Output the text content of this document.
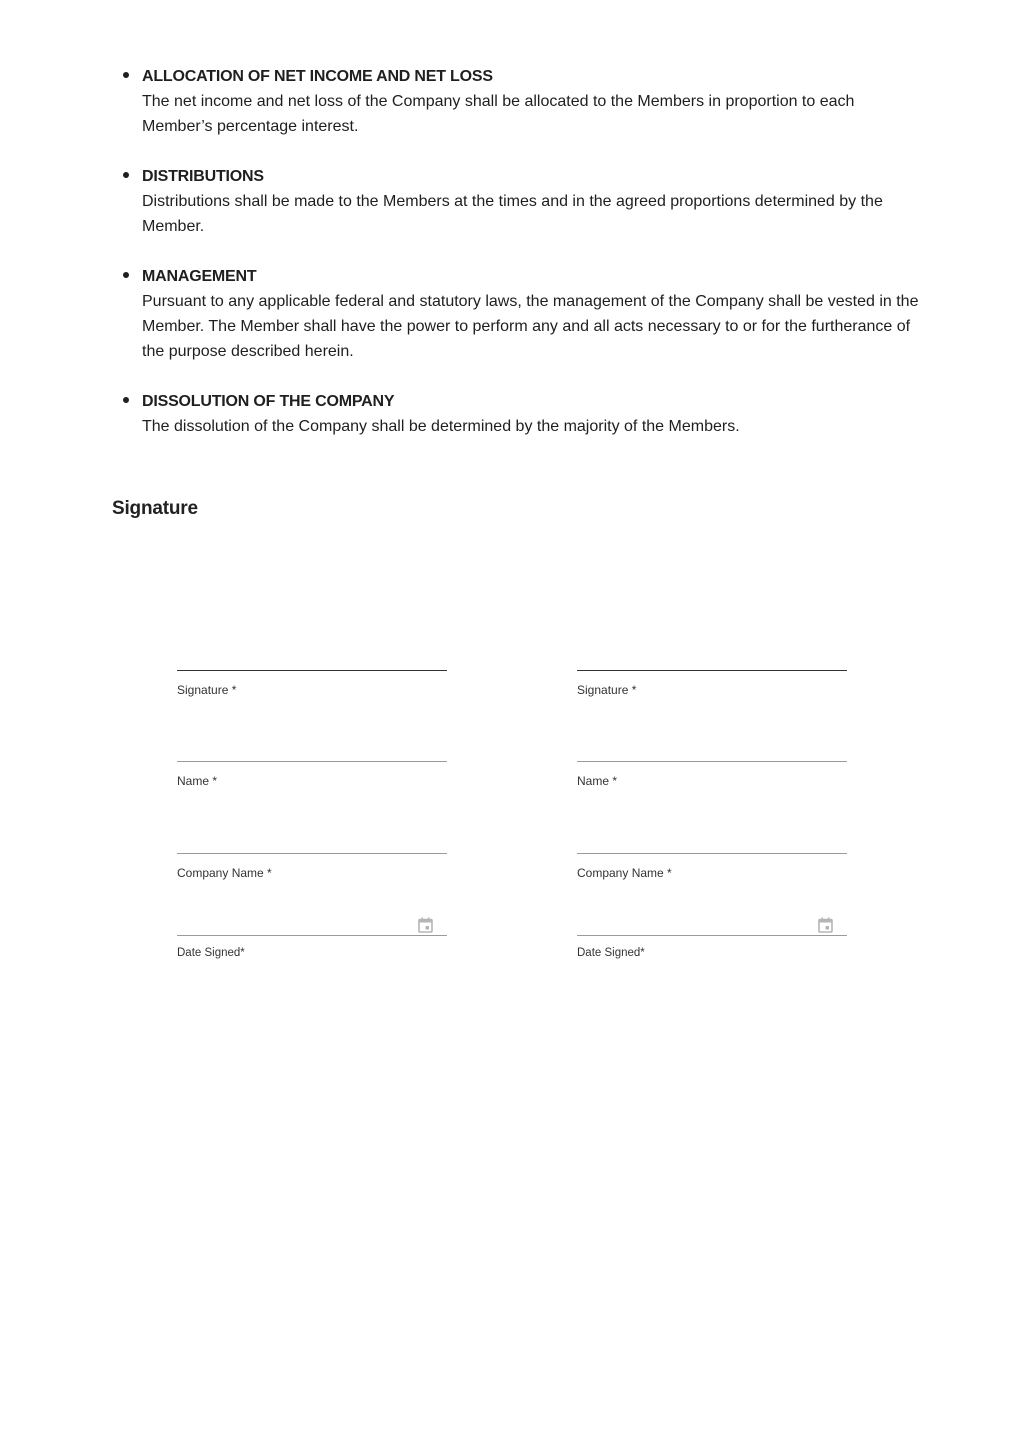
ALLOCATION OF NET INCOME AND NET LOSS
The net income and net loss of the Company shall be allocated to the Members in proportion to each Member’s percentage interest.
DISTRIBUTIONS
Distributions shall be made to the Members at the times and in the agreed proportions determined by the Member.
MANAGEMENT
Pursuant to any applicable federal and statutory laws, the management of the Company shall be vested in the Member. The Member shall have the power to perform any and all acts necessary to or for the furtherance of the purpose described herein.
DISSOLUTION OF THE COMPANY
The dissolution of the Company shall be determined by the majority of the Members.
Signature
Signature *
Name *
Company Name *
Date Signed*
Signature *
Name *
Company Name *
Date Signed*
